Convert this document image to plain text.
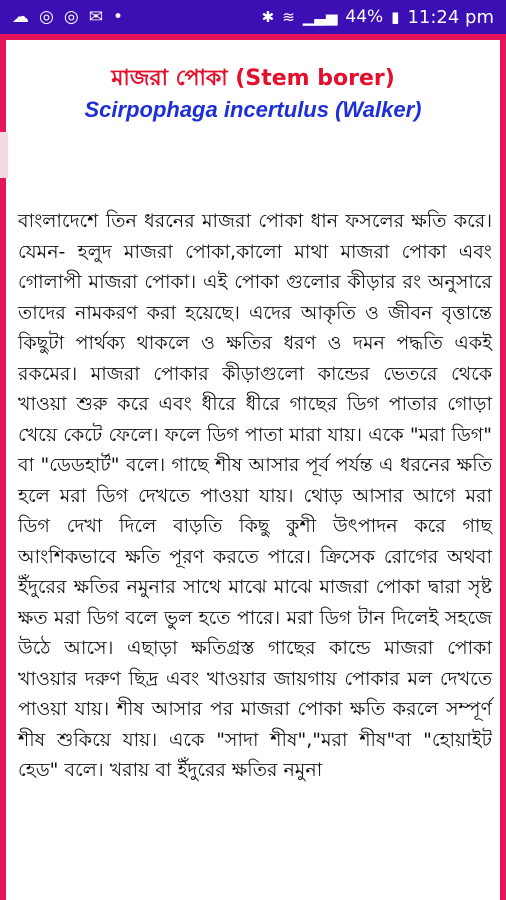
☁ ◎ ◎ ✉ •	✱ ≋ ▁▃▅ 44% ▮ 11:24 pm
মাজরা পোকা (Stem borer)
Scirpophaga incertulus (Walker)
বাংলাদেশে তিন ধরনের মাজরা পোকা ধান ফসলের ক্ষতি করে। যেমন- হলুদ মাজরা পোকা,কালো মাথা মাজরা পোকা এবং গোলাপী মাজরা পোকা। এই পোকা গুলোর কীড়ার রং অনুসারে তাদের নামকরণ করা হয়েছে। এদের আকৃতি ও জীবন বৃত্তান্তে কিছুটা পার্থক্য থাকলে ও ক্ষতির ধরণ ও দমন পদ্ধতি একই রকমের। মাজরা পোকার কীড়াগুলো কান্ডের ভেতরে থেকে খাওয়া শুরু করে এবং ধীরে ধীরে গাছের ডিগ পাতার গোড়া খেয়ে কেটে ফেলে। ফলে ডিগ পাতা মারা যায়। একে "মরা ডিগ" বা "ডেডহার্ট" বলে। গাছে শীষ আসার পূর্ব পর্যন্ত এ ধরনের ক্ষতি হলে মরা ডিগ দেখতে পাওয়া যায়। থোড় আসার আগে মরা ডিগ দেখা দিলে বাড়তি কিছু কুশী উৎপাদন করে গাছ আংশিকভাবে ক্ষতি পূরণ করতে পারে। ক্রিসেক রোগের অথবা ইঁদুরের ক্ষতির নমুনার সাথে মাঝে মাঝে মাজরা পোকা দ্বারা সৃষ্ট ক্ষত মরা ডিগ বলে ভুল হতে পারে। মরা ডিগ টান দিলেই সহজে উঠে আসে। এছাড়া ক্ষতিগ্রস্ত গাছের কান্ডে মাজরা পোকা খাওয়ার দরুণ ছিদ্র এবং খাওয়ার জায়গায় পোকার মল দেখতে পাওয়া যায়। শীষ আসার পর মাজরা পোকা ক্ষতি করলে সম্পূর্ণ শীষ শুকিয়ে যায়। একে "সাদা শীষ","মরা শীষ"বা "হোয়াইট হেড" বলে। খরায় বা ইঁদুরের ক্ষতির নমুনা
